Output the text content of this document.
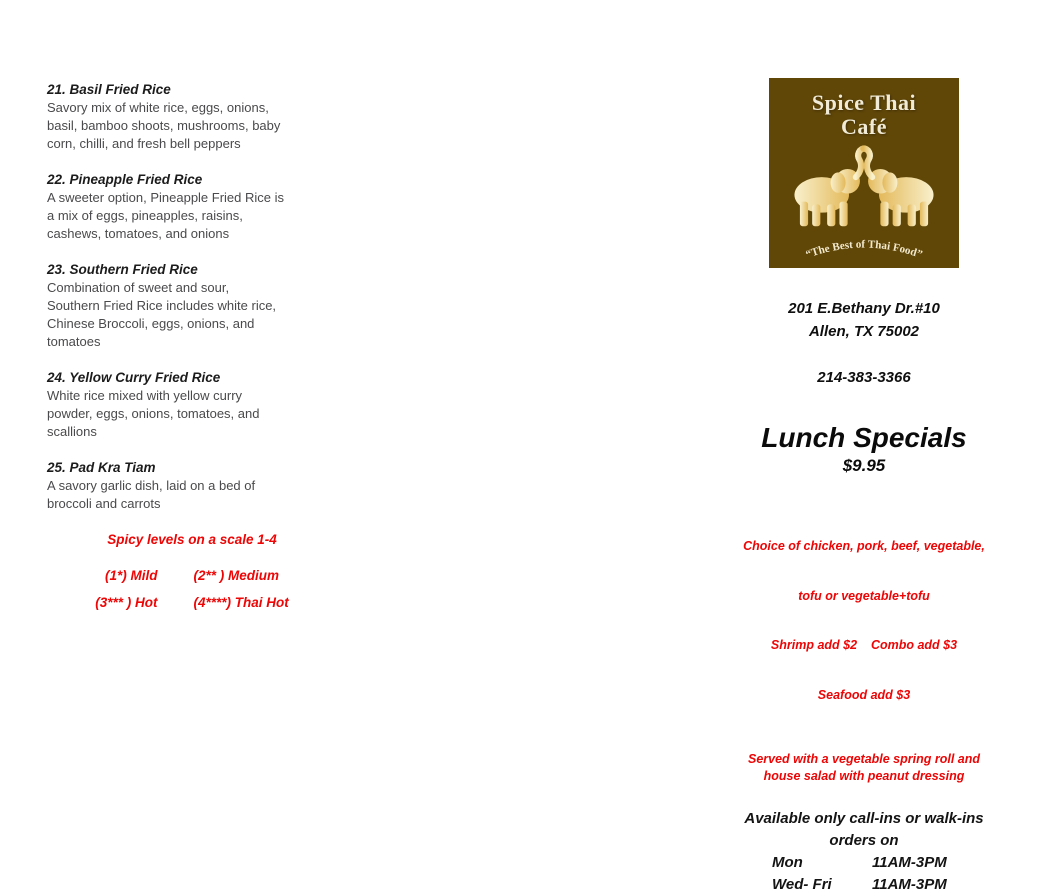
21. Basil Fried Rice
Savory mix of white rice, eggs, onions,
basil, bamboo shoots, mushrooms, baby
corn, chilli, and fresh bell peppers
22. Pineapple Fried Rice
A sweeter option, Pineapple Fried Rice is
a mix of eggs, pineapples, raisins,
cashews, tomatoes, and onions
23. Southern Fried Rice
Combination of sweet and sour,
Southern Fried Rice includes white rice,
Chinese Broccoli, eggs, onions, and
tomatoes
24. Yellow Curry Fried Rice
White rice mixed with yellow curry
powder, eggs, onions, tomatoes, and
scallions
25. Pad Kra Tiam
A savory garlic dish, laid on a bed of
broccoli and carrots
Spicy levels on a scale 1-4
(1*) Mild	(2** ) Medium
(3*** ) Hot	(4****) Thai Hot
Spice Thai
Café
“The Best of Thai Food”
201 E.Bethany Dr.#10
Allen, TX 75002
214-383-3366
Lunch Specials
$9.95

Choice of chicken, pork, beef, vegetable,

tofu or vegetable+tofu

Shrimp add $2    Combo add $3

Seafood add $3

Served with a vegetable spring roll and
house salad with peanut dressing
Available only call-ins or walk-ins
orders on
Mon	11AM-3PM
Wed- Fri	11AM-3PM
